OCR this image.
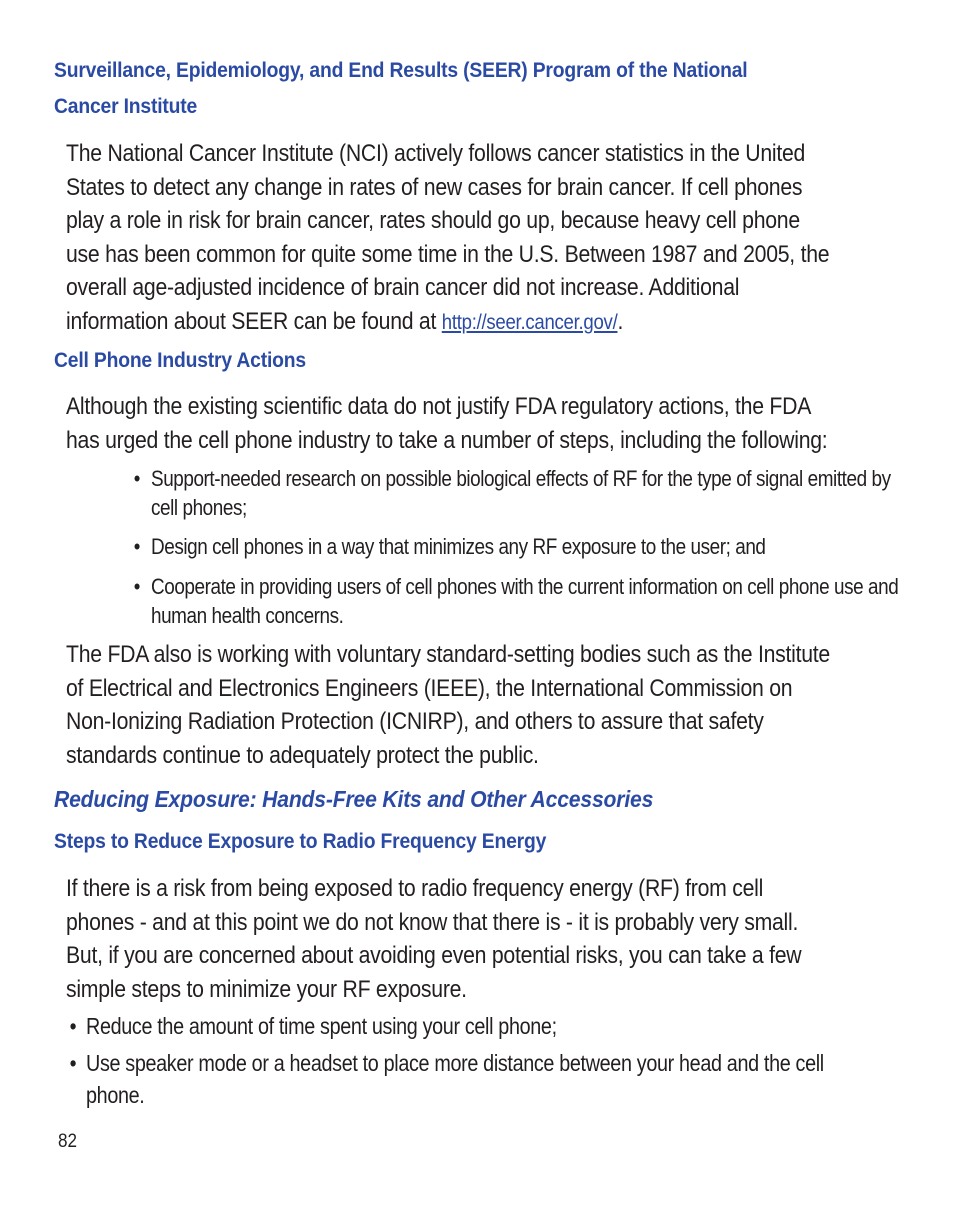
Surveillance, Epidemiology, and End Results (SEER) Program of the National
Cancer Institute

The National Cancer Institute (NCI) actively follows cancer statistics in the United States to detect any change in rates of new cases for brain cancer. If cell phones play a role in risk for brain cancer, rates should go up, because heavy cell phone use has been common for quite some time in the U.S. Between 1987 and 2005, the overall age-adjusted incidence of brain cancer did not increase. Additional information about SEER can be found at http://seer.cancer.gov/.

Cell Phone Industry Actions

Although the existing scientific data do not justify FDA regulatory actions, the FDA has urged the cell phone industry to take a number of steps, including the following:

• Support-needed research on possible biological effects of RF for the type of signal emitted by cell phones;

• Design cell phones in a way that minimizes any RF exposure to the user; and

• Cooperate in providing users of cell phones with the current information on cell phone use and human health concerns.

The FDA also is working with voluntary standard-setting bodies such as the Institute of Electrical and Electronics Engineers (IEEE), the International Commission on Non-Ionizing Radiation Protection (ICNIRP), and others to assure that safety standards continue to adequately protect the public.

Reducing Exposure: Hands-Free Kits and Other Accessories
Steps to Reduce Exposure to Radio Frequency Energy

If there is a risk from being exposed to radio frequency energy (RF) from cell phones - and at this point we do not know that there is - it is probably very small. But, if you are concerned about avoiding even potential risks, you can take a few simple steps to minimize your RF exposure.

• Reduce the amount of time spent using your cell phone;

• Use speaker mode or a headset to place more distance between your head and the cell phone.

82
